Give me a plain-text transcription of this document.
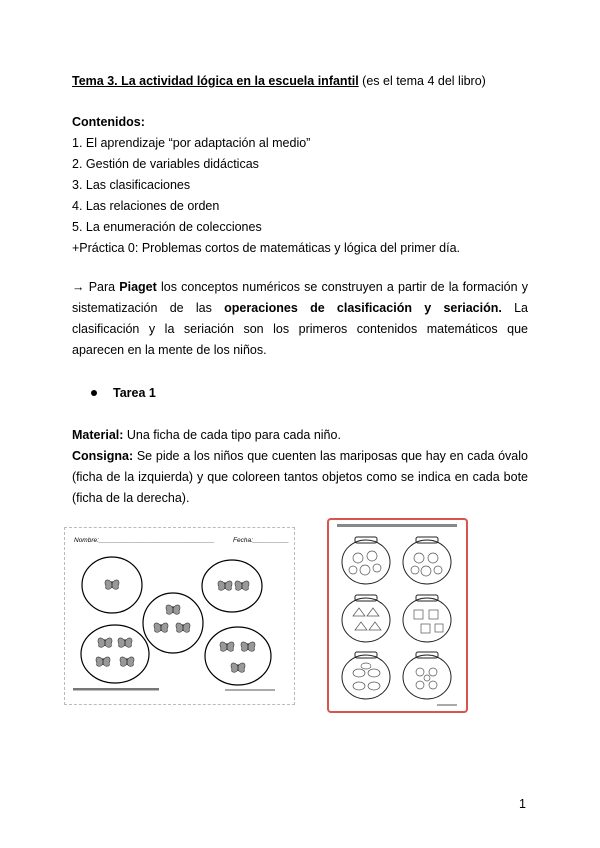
Tema 3. La actividad lógica en la escuela infantil (es el tema 4 del libro)
Contenidos:
1. El aprendizaje “por adaptación al medio”
2. Gestión de variables didácticas
3. Las clasificaciones
4. Las relaciones de orden
5. La enumeración de colecciones
+Práctica 0: Problemas cortos de matemáticas y lógica del primer día.
→ Para Piaget los conceptos numéricos se construyen a partir de la formación y sistematización de las operaciones de clasificación y seriación. La clasificación y la seriación son los primeros contenidos matemáticos que aparecen en la mente de los niños.
Tarea 1
Material: Una ficha de cada tipo para cada niño.
Consigna: Se pide a los niños que cuenten las mariposas que hay en cada óvalo (ficha de la izquierda) y que coloreen tantos objetos como se indica en cada bote (ficha de la derecha).
Nombre:________________________________	Fecha:__________
1
